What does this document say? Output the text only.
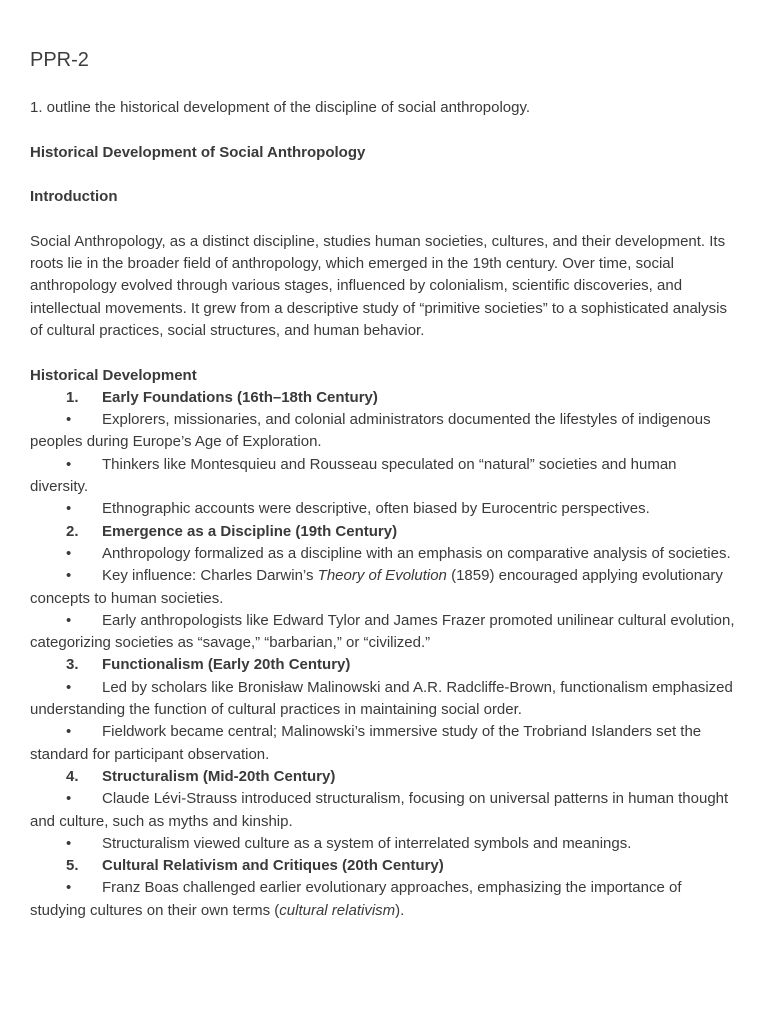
PPR-2

1. outline the historical development of the discipline of social anthropology.

Historical Development of Social Anthropology

Introduction

Social Anthropology, as a distinct discipline, studies human societies, cultures, and their development. Its roots lie in the broader field of anthropology, which emerged in the 19th century. Over time, social anthropology evolved through various stages, influenced by colonialism, scientific discoveries, and intellectual movements. It grew from a descriptive study of “primitive societies” to a sophisticated analysis of cultural practices, social structures, and human behavior.

Historical Development

1. Early Foundations (16th–18th Century)
• Explorers, missionaries, and colonial administrators documented the lifestyles of indigenous peoples during Europe’s Age of Exploration.
• Thinkers like Montesquieu and Rousseau speculated on “natural” societies and human diversity.
• Ethnographic accounts were descriptive, often biased by Eurocentric perspectives.
2. Emergence as a Discipline (19th Century)
• Anthropology formalized as a discipline with an emphasis on comparative analysis of societies.
• Key influence: Charles Darwin’s Theory of Evolution (1859) encouraged applying evolutionary concepts to human societies.
• Early anthropologists like Edward Tylor and James Frazer promoted unilinear cultural evolution, categorizing societies as “savage,” “barbarian,” or “civilized.”
3. Functionalism (Early 20th Century)
• Led by scholars like Bronisław Malinowski and A.R. Radcliffe-Brown, functionalism emphasized understanding the function of cultural practices in maintaining social order.
• Fieldwork became central; Malinowski’s immersive study of the Trobriand Islanders set the standard for participant observation.
4. Structuralism (Mid-20th Century)
• Claude Lévi-Strauss introduced structuralism, focusing on universal patterns in human thought and culture, such as myths and kinship.
• Structuralism viewed culture as a system of interrelated symbols and meanings.
5. Cultural Relativism and Critiques (20th Century)
• Franz Boas challenged earlier evolutionary approaches, emphasizing the importance of studying cultures on their own terms (cultural relativism).
